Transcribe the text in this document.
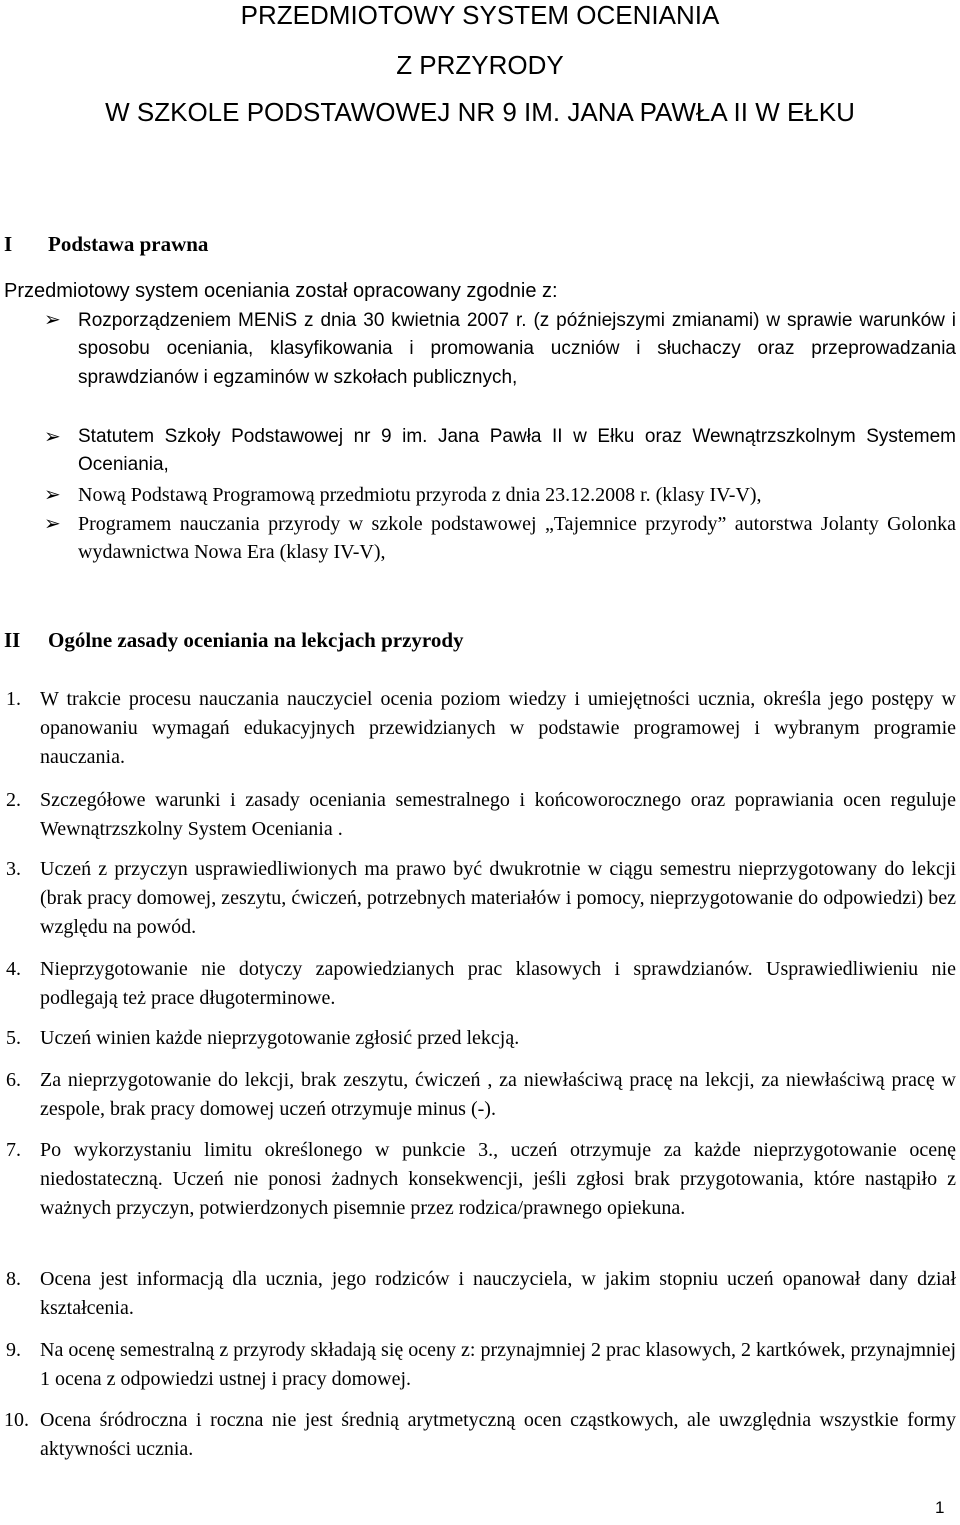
PRZEDMIOTOWY SYSTEM OCENIANIA
Z PRZYRODY
W SZKOLE PODSTAWOWEJ NR 9 IM. JANA PAWŁA II W EŁKU
I Podstawa prawna
Przedmiotowy system oceniania został opracowany zgodnie z:
➢ Rozporządzeniem MENiS z dnia 30 kwietnia 2007 r. (z późniejszymi zmianami) w sprawie warunków i sposobu oceniania, klasyfikowania i promowania uczniów i słuchaczy oraz przeprowadzania sprawdzianów i egzaminów w szkołach publicznych,
➢ Statutem Szkoły Podstawowej nr 9 im. Jana Pawła II w Ełku oraz Wewnątrzszkolnym Systemem Oceniania,
➢ Nową Podstawą Programową przedmiotu przyroda z dnia 23.12.2008 r. (klasy IV-V),
➢ Programem nauczania przyrody w szkole podstawowej „Tajemnice przyrody” autorstwa Jolanty Golonka wydawnictwa Nowa Era (klasy IV-V),
II Ogólne zasady oceniania na lekcjach przyrody
1. W trakcie procesu nauczania nauczyciel ocenia poziom wiedzy i umiejętności ucznia, określa jego postępy w opanowaniu wymagań edukacyjnych przewidzianych w podstawie programowej i wybranym programie nauczania.
2. Szczegółowe warunki i zasady oceniania semestralnego i końcoworocznego oraz poprawiania ocen reguluje Wewnątrzszkolny System Oceniania .
3. Uczeń z przyczyn usprawiedliwionych ma prawo być dwukrotnie w ciągu semestru nieprzygotowany do lekcji (brak pracy domowej, zeszytu, ćwiczeń, potrzebnych materiałów i pomocy, nieprzygotowanie do odpowiedzi) bez względu na powód.
4. Nieprzygotowanie nie dotyczy zapowiedzianych prac klasowych i sprawdzianów. Usprawiedliwieniu nie podlegają też prace długoterminowe.
5. Uczeń winien każde nieprzygotowanie zgłosić przed lekcją.
6. Za nieprzygotowanie do lekcji, brak zeszytu, ćwiczeń , za niewłaściwą pracę na lekcji, za niewłaściwą pracę w zespole, brak pracy domowej uczeń otrzymuje minus (-).
7. Po wykorzystaniu limitu określonego w punkcie 3., uczeń otrzymuje za każde nieprzygotowanie ocenę niedostateczną. Uczeń nie ponosi żadnych konsekwencji, jeśli zgłosi brak przygotowania, które nastąpiło z ważnych przyczyn, potwierdzonych pisemnie przez rodzica/prawnego opiekuna.
8. Ocena jest informacją dla ucznia, jego rodziców i nauczyciela, w jakim stopniu uczeń opanował dany dział kształcenia.
9. Na ocenę semestralną z przyrody składają się oceny z: przynajmniej 2 prac klasowych, 2 kartkówek, przynajmniej 1 ocena z odpowiedzi ustnej i pracy domowej.
10. Ocena śródroczna i roczna nie jest średnią arytmetyczną ocen cząstkowych, ale uwzględnia wszystkie formy aktywności ucznia.
1
